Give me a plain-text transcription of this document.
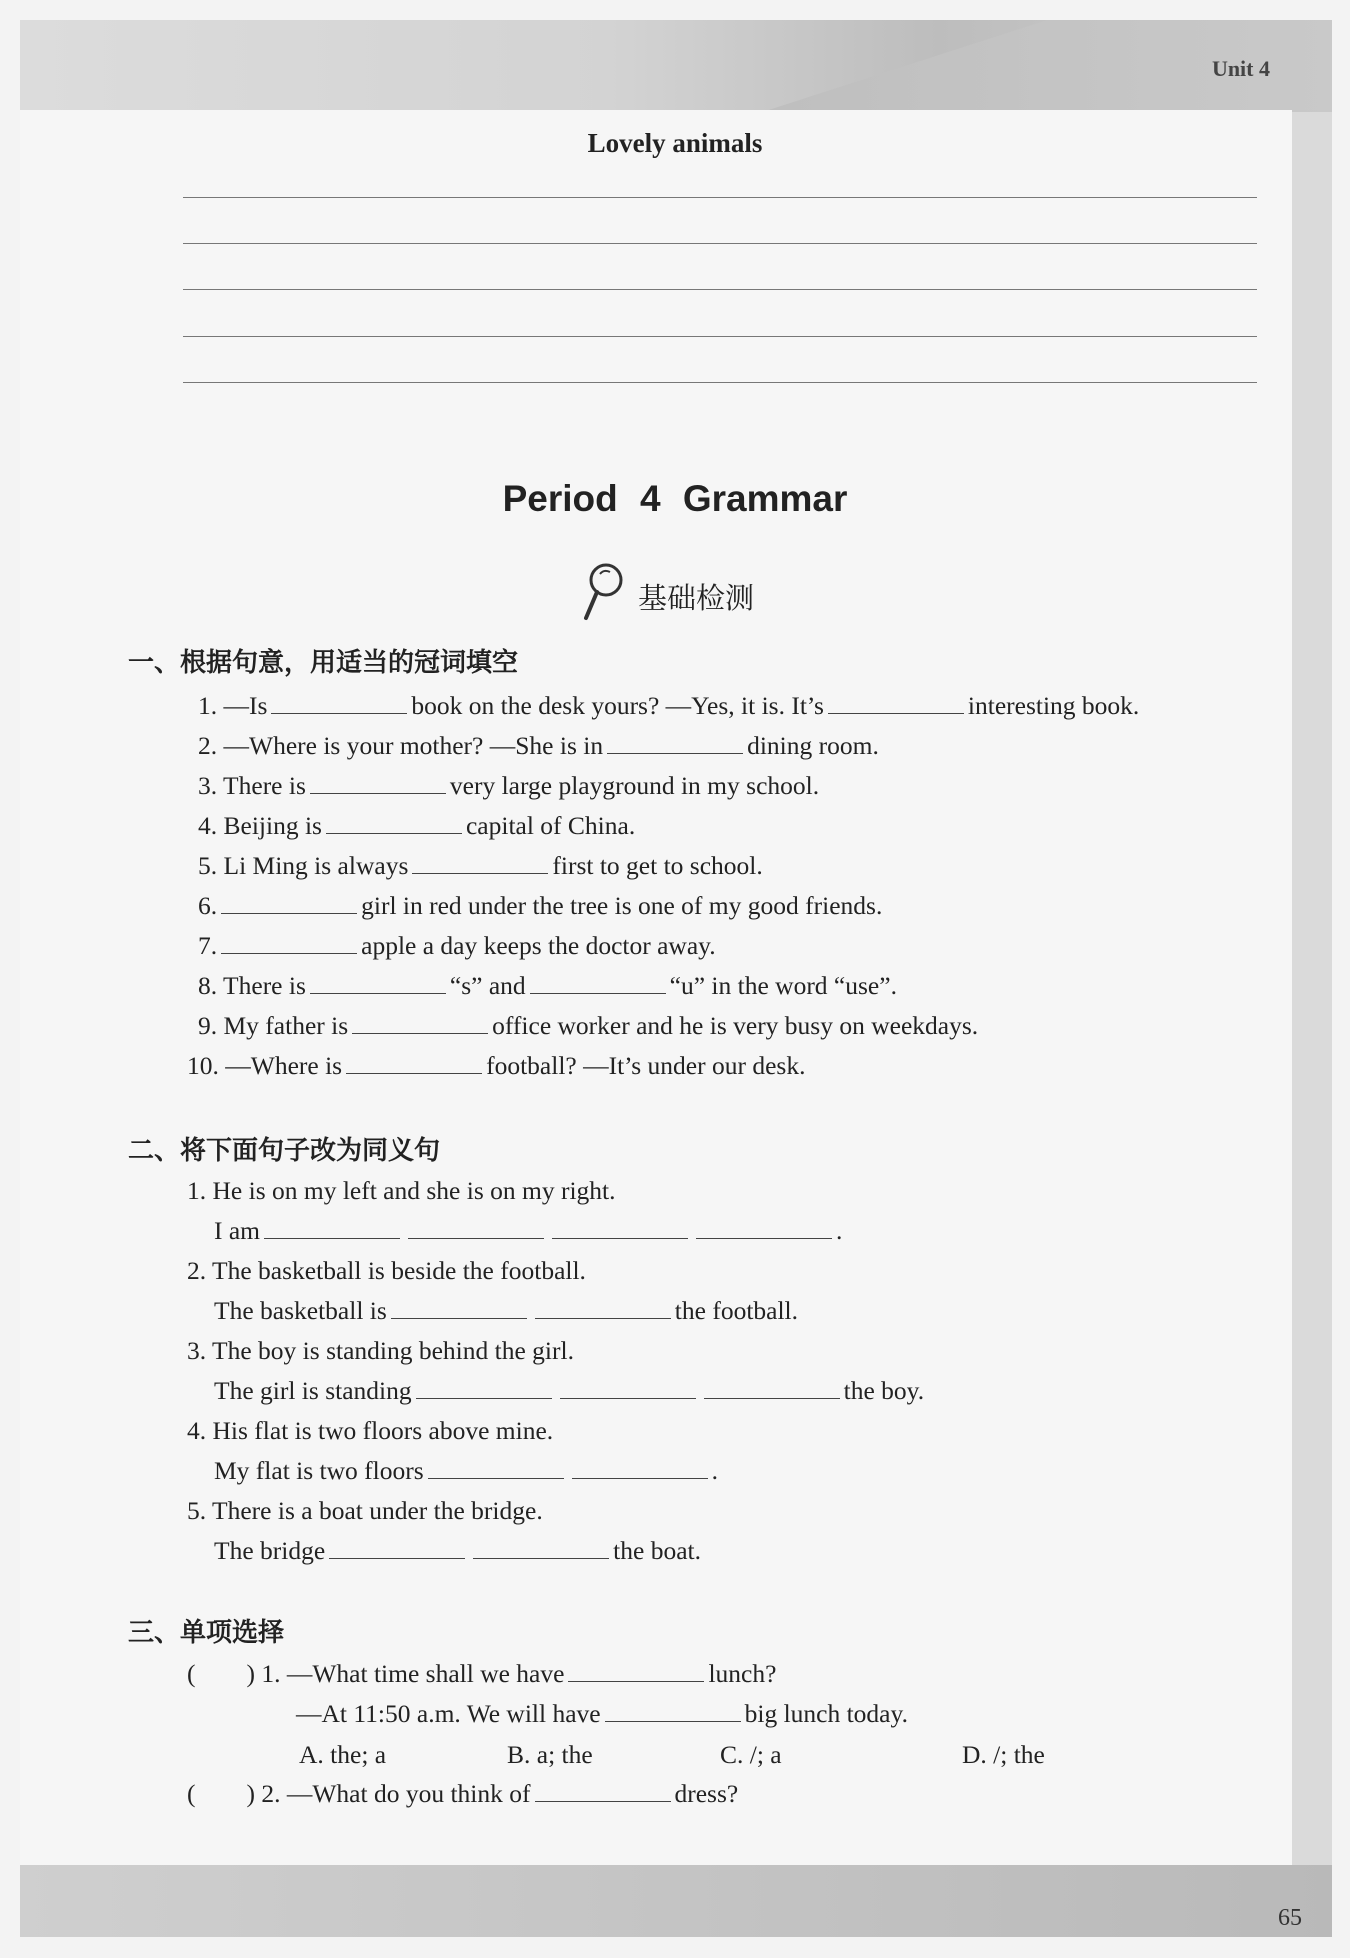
Unit 4
65
Lovely animals
Period 4 Grammar
基础检测
一、根据句意，用适当的冠词填空
1. —Is	book on the desk yours? —Yes, it is. It’s	interesting book.
2. —Where is your mother? —She is in	dining room.
3. There is	very large playground in my school.
4. Beijing is	capital of China.
5. Li Ming is always	first to get to school.
6.	girl in red under the tree is one of my good friends.
7.	apple a day keeps the doctor away.
8. There is	“s” and	“u” in the word “use”.
9. My father is	office worker and he is very busy on weekdays.
10. —Where is	football? —It’s under our desk.
二、将下面句子改为同义句
1. He is on my left and she is on my right.
I am	.
2. The basketball is beside the football.
The basketball is	the football.
3. The boy is standing behind the girl.
The girl is standing	the boy.
4. His flat is two floors above mine.
My flat is two floors	.
5. There is a boat under the bridge.
The bridge	the boat.
三、单项选择
(        ) 1. —What time shall we have	lunch?
—At 11:50 a.m. We will have	big lunch today.
A. the; a	B. a; the	C. /; a	D. /; the
(        ) 2. —What do you think of	dress?
